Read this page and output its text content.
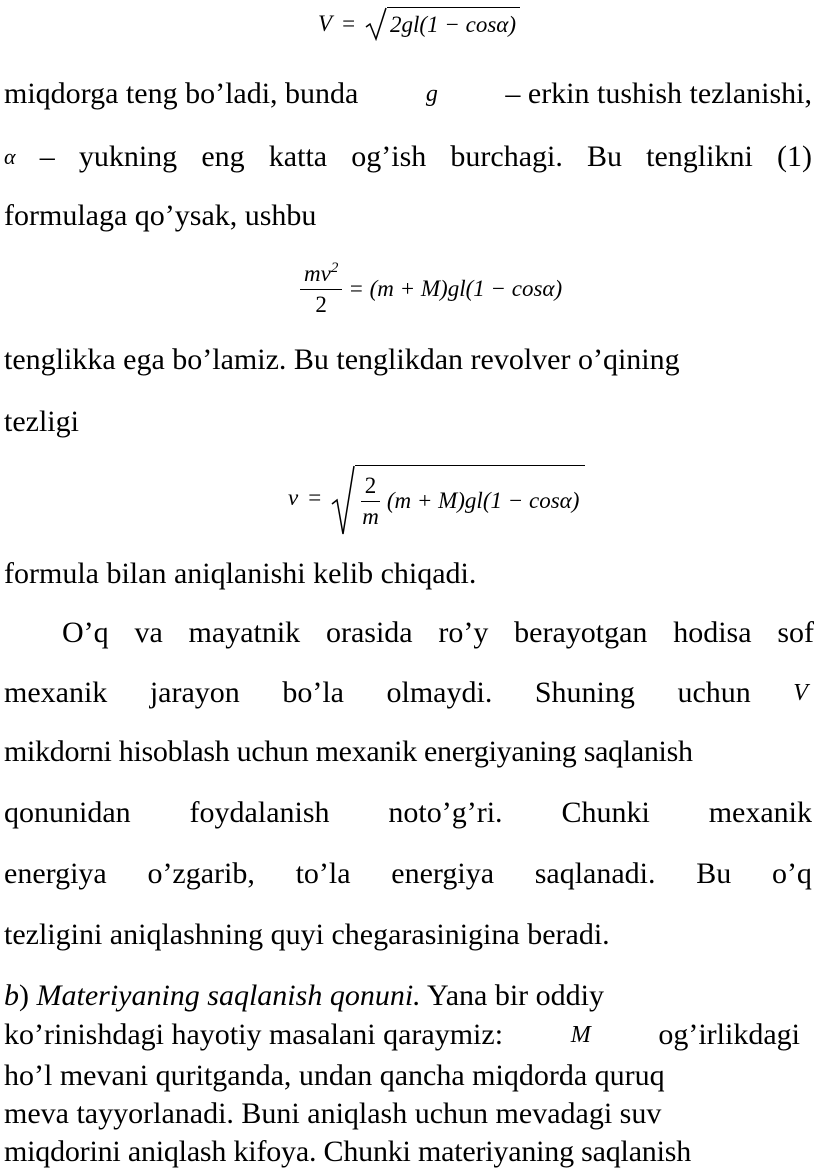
V = 2gl(1 − cosα)
miqdorga teng bo’ladi, bunda	g – erkin tushish tezlanishi,
α – yukning eng katta og’ish burchagi. Bu tenglikni (1)
formulaga qo’ysak, ushbu
$\frac{mv^2}{2} = (m + M)gl(1 - \cos\alpha)$
tenglikka ega bo’lamiz. Bu tenglikdan revolver o’qining
tezligi
$v = \frac{2}{m} (m + M)gl(1 - \cos\alpha)$
formula bilan aniqlanishi kelib chiqadi.
O’q va mayatnik orasida ro’y berayotgan hodisa sof
mexanik jarayon bo’la olmaydi. Shuning uchun V
mikdorni hisoblash uchun mexanik energiyaning saqlanish
qonunidan foydalanish noto’g’ri. Chunki mexanik
energiya o’zgarib, to’la energiya saqlanadi. Bu o’q
tezligini aniqlashning quyi chegarasinigina beradi.
b) Materiyaning saqlanish qonuni. Yana bir oddiy
ko’rinishdagi hayotiy masalani qaraymiz:	M og’irlikdagi
ho’l mevani quritganda, undan qancha miqdorda quruq
meva tayyorlanadi. Buni aniqlash uchun mevadagi suv
miqdorini aniqlash kifoya. Chunki materiyaning saqlanish
